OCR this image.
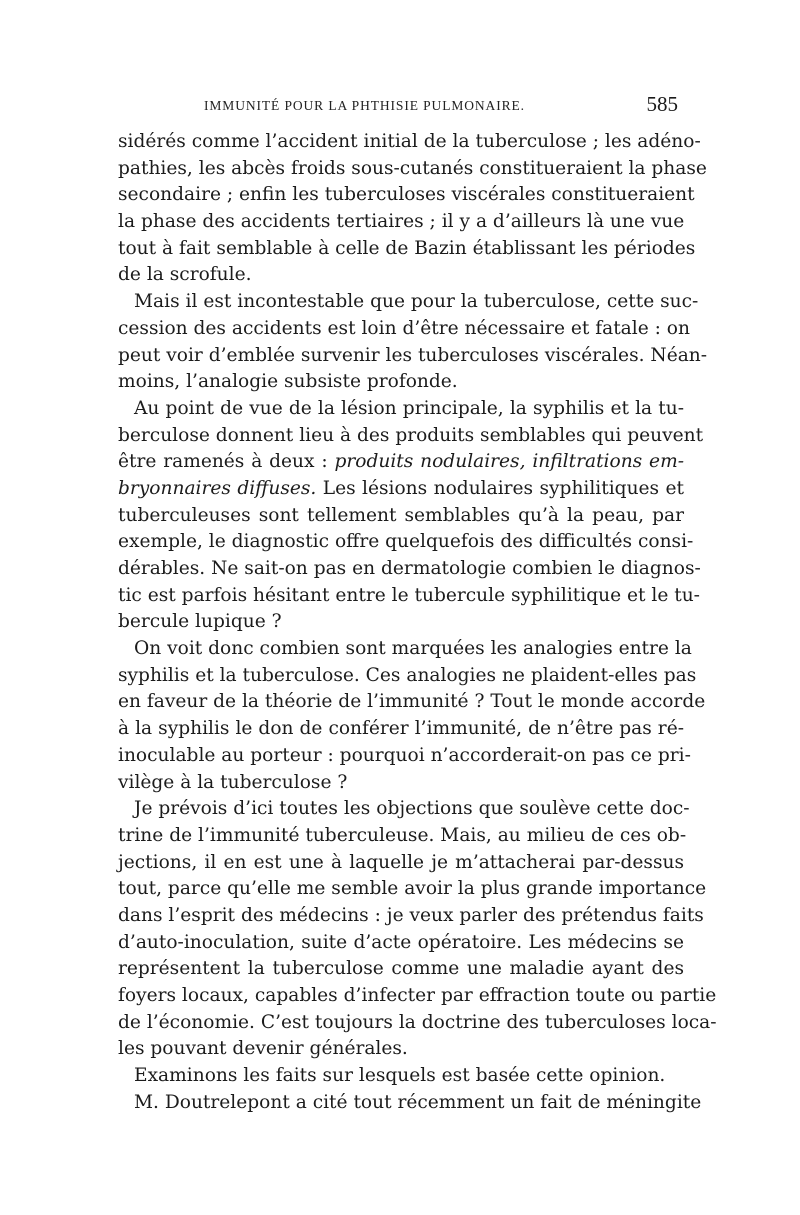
IMMUNITÉ POUR LA PHTHISIE PULMONAIRE.	585
sidérés comme l’accident initial de la tuberculose ; les adéno-
pathies, les abcès froids sous-cutanés constitueraient la phase
secondaire ; enfin les tuberculoses viscérales constitueraient
la phase des accidents tertiaires ; il y a d’ailleurs là une vue
tout à fait semblable à celle de Bazin établissant les périodes
de la scrofule.
Mais il est incontestable que pour la tuberculose, cette suc-
cession des accidents est loin d’être nécessaire et fatale : on
peut voir d’emblée survenir les tuberculoses viscérales. Néan-
moins, l’analogie subsiste profonde.
Au point de vue de la lésion principale, la syphilis et la tu-
berculose donnent lieu à des produits semblables qui peuvent
être ramenés à deux : produits nodulaires, infiltrations em-
bryonnaires diffuses. Les lésions nodulaires syphilitiques et
tuberculeuses sont tellement semblables qu’à la peau, par
exemple, le diagnostic offre quelquefois des difficultés consi-
dérables. Ne sait-on pas en dermatologie combien le diagnos-
tic est parfois hésitant entre le tubercule syphilitique et le tu-
bercule lupique ?
On voit donc combien sont marquées les analogies entre la
syphilis et la tuberculose. Ces analogies ne plaident-elles pas
en faveur de la théorie de l’immunité ? Tout le monde accorde
à la syphilis le don de conférer l’immunité, de n’être pas ré-
inoculable au porteur : pourquoi n’accorderait-on pas ce pri-
vilège à la tuberculose ?
Je prévois d’ici toutes les objections que soulève cette doc-
trine de l’immunité tuberculeuse. Mais, au milieu de ces ob-
jections, il en est une à laquelle je m’attacherai par-dessus
tout, parce qu’elle me semble avoir la plus grande importance
dans l’esprit des médecins : je veux parler des prétendus faits
d’auto-inoculation, suite d’acte opératoire. Les médecins se
représentent la tuberculose comme une maladie ayant des
foyers locaux, capables d’infecter par effraction toute ou partie
de l’économie. C’est toujours la doctrine des tuberculoses loca-
les pouvant devenir générales.
Examinons les faits sur lesquels est basée cette opinion.
M. Doutrelepont a cité tout récemment un fait de méningite
